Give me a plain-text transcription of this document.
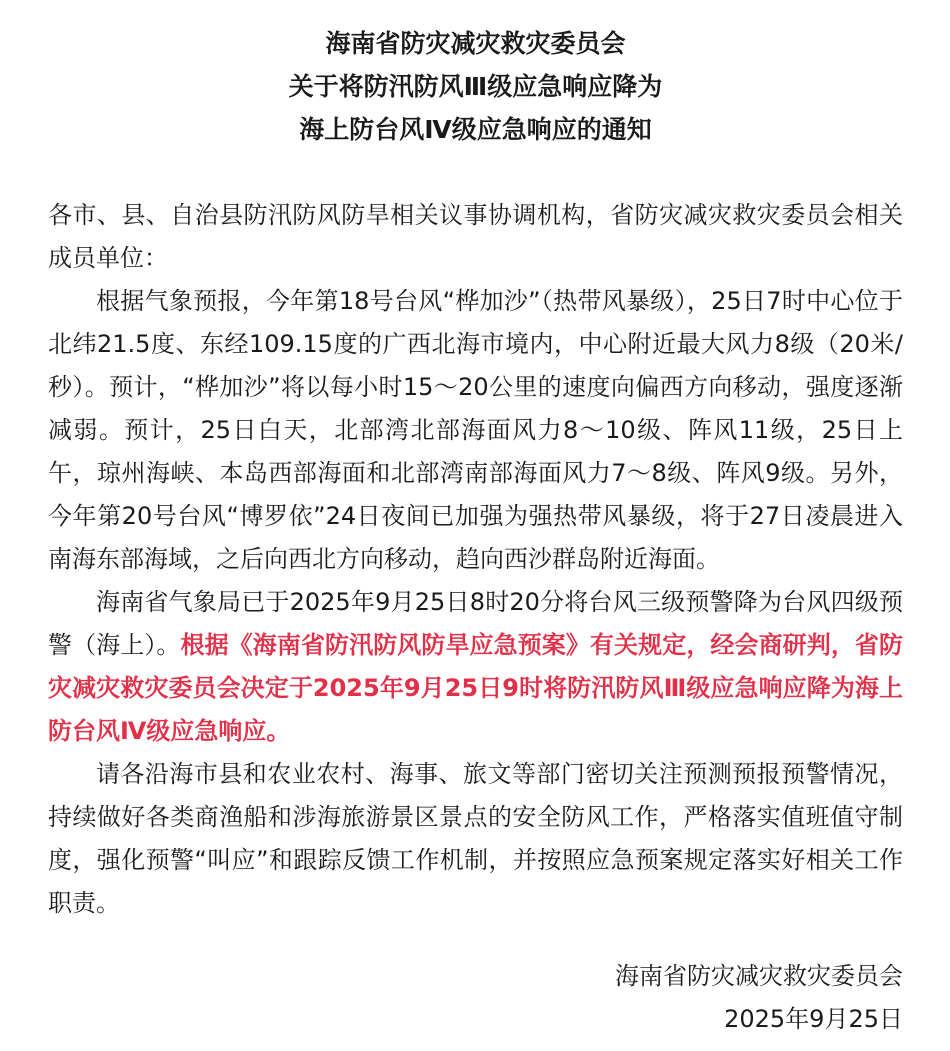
海南省防灾减灾救灾委员会
关于将防汛防风Ⅲ级应急响应降为
海上防台风Ⅳ级应急响应的通知

各市、县、自治县防汛防风防旱相关议事协调机构，省防灾减灾救灾委员会相关成员单位：

根据气象预报，今年第18号台风“桦加沙”（热带风暴级），25日7时中心位于北纬21.5度、东经109.15度的广西北海市境内，中心附近最大风力8级（20米/秒）。预计，“桦加沙”将以每小时15～20公里的速度向偏西方向移动，强度逐渐减弱。预计，25日白天，北部湾北部海面风力8～10级、阵风11级，25日上午，琼州海峡、本岛西部海面和北部湾南部海面风力7～8级、阵风9级。另外，今年第20号台风“博罗依”24日夜间已加强为强热带风暴级，将于27日凌晨进入南海东部海域，之后向西北方向移动，趋向西沙群岛附近海面。

海南省气象局已于2025年9月25日8时20分将台风三级预警降为台风四级预警（海上）。根据《海南省防汛防风防旱应急预案》有关规定，经会商研判，省防灾减灾救灾委员会决定于2025年9月25日9时将防汛防风Ⅲ级应急响应降为海上防台风Ⅳ级应急响应。

请各沿海市县和农业农村、海事、旅文等部门密切关注预测预报预警情况，持续做好各类商渔船和涉海旅游景区景点的安全防风工作，严格落实值班值守制度，强化预警“叫应”和跟踪反馈工作机制，并按照应急预案规定落实好相关工作职责。

海南省防灾减灾救灾委员会

2025年9月25日
